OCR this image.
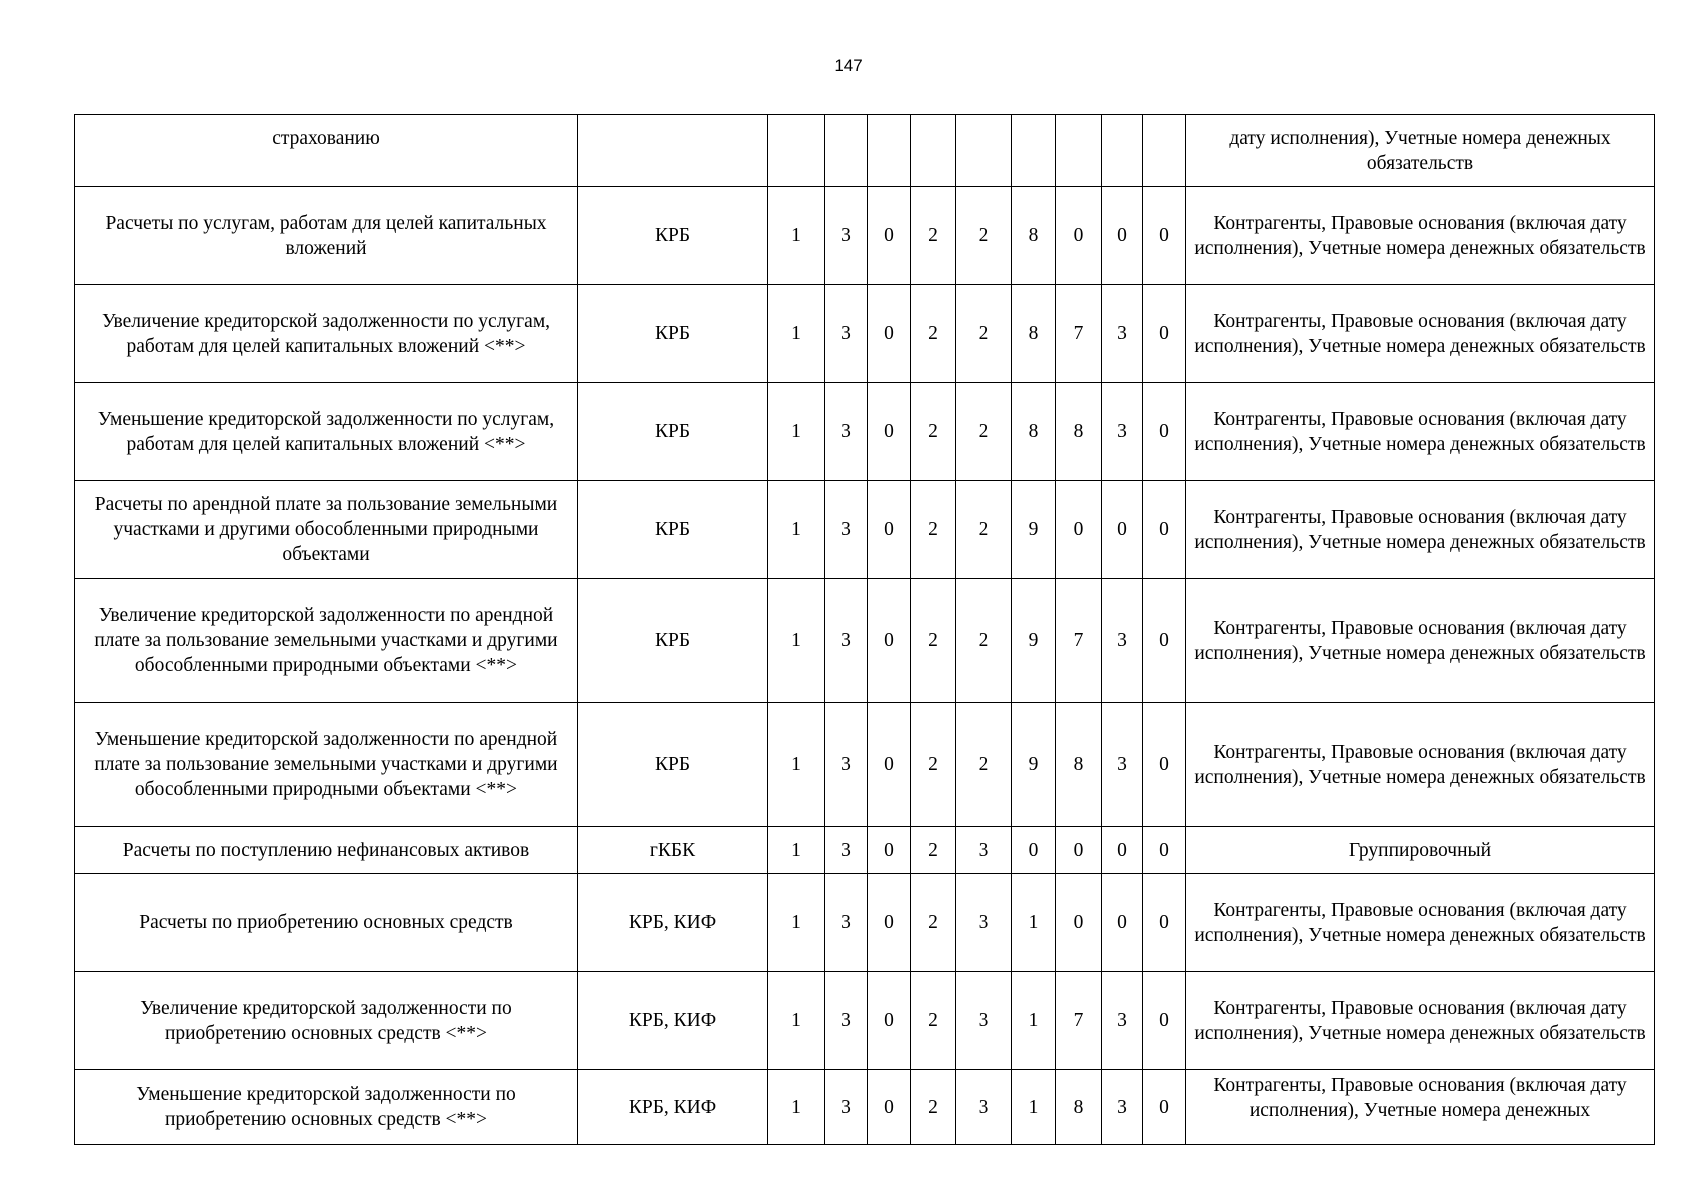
147
страхованию											дату исполнения), Учетные номера денежных обязательств
Расчеты по услугам, работам для целей капитальных вложений	КРБ	1	3	0	2	2	8	0	0	0	Контрагенты, Правовые основания (включая дату исполнения), Учетные номера денежных обязательств
Увеличение кредиторской задолженности по услугам, работам для целей капитальных вложений <**>	КРБ	1	3	0	2	2	8	7	3	0	Контрагенты, Правовые основания (включая дату исполнения), Учетные номера денежных обязательств
Уменьшение кредиторской задолженности по услугам, работам для целей капитальных вложений <**>	КРБ	1	3	0	2	2	8	8	3	0	Контрагенты, Правовые основания (включая дату исполнения), Учетные номера денежных обязательств
Расчеты по арендной плате за пользование земельными участками и другими обособленными природными объектами	КРБ	1	3	0	2	2	9	0	0	0	Контрагенты, Правовые основания (включая дату исполнения), Учетные номера денежных обязательств
Увеличение кредиторской задолженности по арендной плате за пользование земельными участками и другими обособленными природными объектами <**>	КРБ	1	3	0	2	2	9	7	3	0	Контрагенты, Правовые основания (включая дату исполнения), Учетные номера денежных обязательств
Уменьшение кредиторской задолженности по арендной плате за пользование земельными участками и другими обособленными природными объектами <**>	КРБ	1	3	0	2	2	9	8	3	0	Контрагенты, Правовые основания (включая дату исполнения), Учетные номера денежных обязательств
Расчеты по поступлению нефинансовых активов	гКБК	1	3	0	2	3	0	0	0	0	Группировочный
Расчеты по приобретению основных средств	КРБ, КИФ	1	3	0	2	3	1	0	0	0	Контрагенты, Правовые основания (включая дату исполнения), Учетные номера денежных обязательств
Увеличение кредиторской задолженности по приобретению основных средств <**>	КРБ, КИФ	1	3	0	2	3	1	7	3	0	Контрагенты, Правовые основания (включая дату исполнения), Учетные номера денежных обязательств
Уменьшение кредиторской задолженности по приобретению основных средств <**>	КРБ, КИФ	1	3	0	2	3	1	8	3	0	Контрагенты, Правовые основания (включая дату исполнения), Учетные номера денежных
